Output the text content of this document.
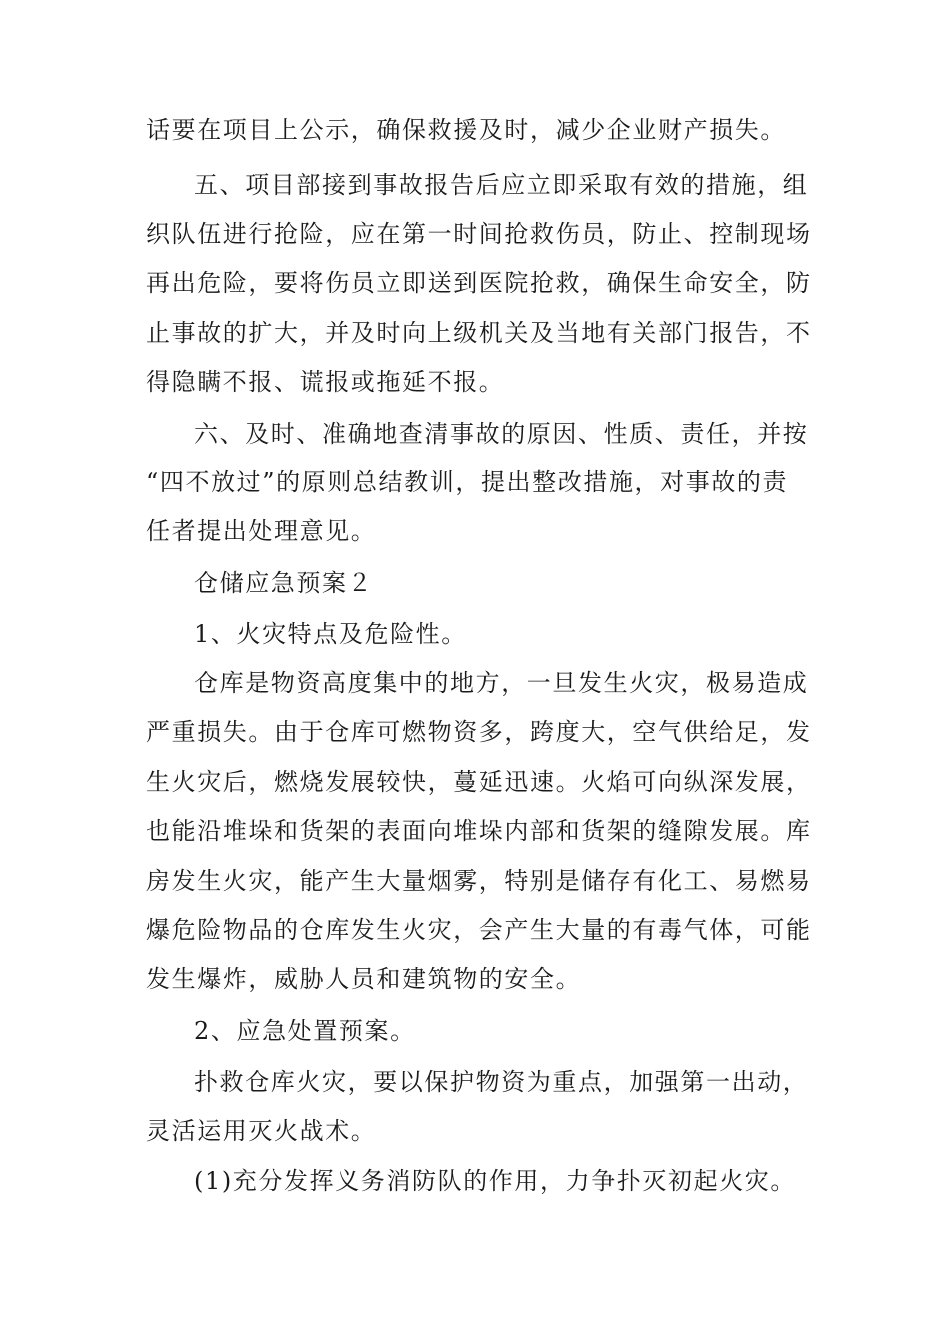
话要在项目上公示，确保救援及时，减少企业财产损失。
五、项目部接到事故报告后应立即采取有效的措施，组
织队伍进行抢险，应在第一时间抢救伤员，防止、控制现场
再出危险，要将伤员立即送到医院抢救，确保生命安全，防
止事故的扩大，并及时向上级机关及当地有关部门报告，不
得隐瞒不报、谎报或拖延不报。
六、及时、准确地查清事故的原因、性质、责任，并按
“四不放过”的原则总结教训，提出整改措施，对事故的责
任者提出处理意见。
仓储应急预案２
1、火灾特点及危险性。
仓库是物资高度集中的地方，一旦发生火灾，极易造成
严重损失。由于仓库可燃物资多，跨度大，空气供给足，发
生火灾后，燃烧发展较快，蔓延迅速。火焰可向纵深发展，
也能沿堆垛和货架的表面向堆垛内部和货架的缝隙发展。库
房发生火灾，能产生大量烟雾，特别是储存有化工、易燃易
爆危险物品的仓库发生火灾，会产生大量的有毒气体，可能
发生爆炸，威胁人员和建筑物的安全。
2、应急处置预案。
扑救仓库火灾，要以保护物资为重点，加强第一出动，
灵活运用灭火战术。
(1)充分发挥义务消防队的作用，力争扑灭初起火灾。
